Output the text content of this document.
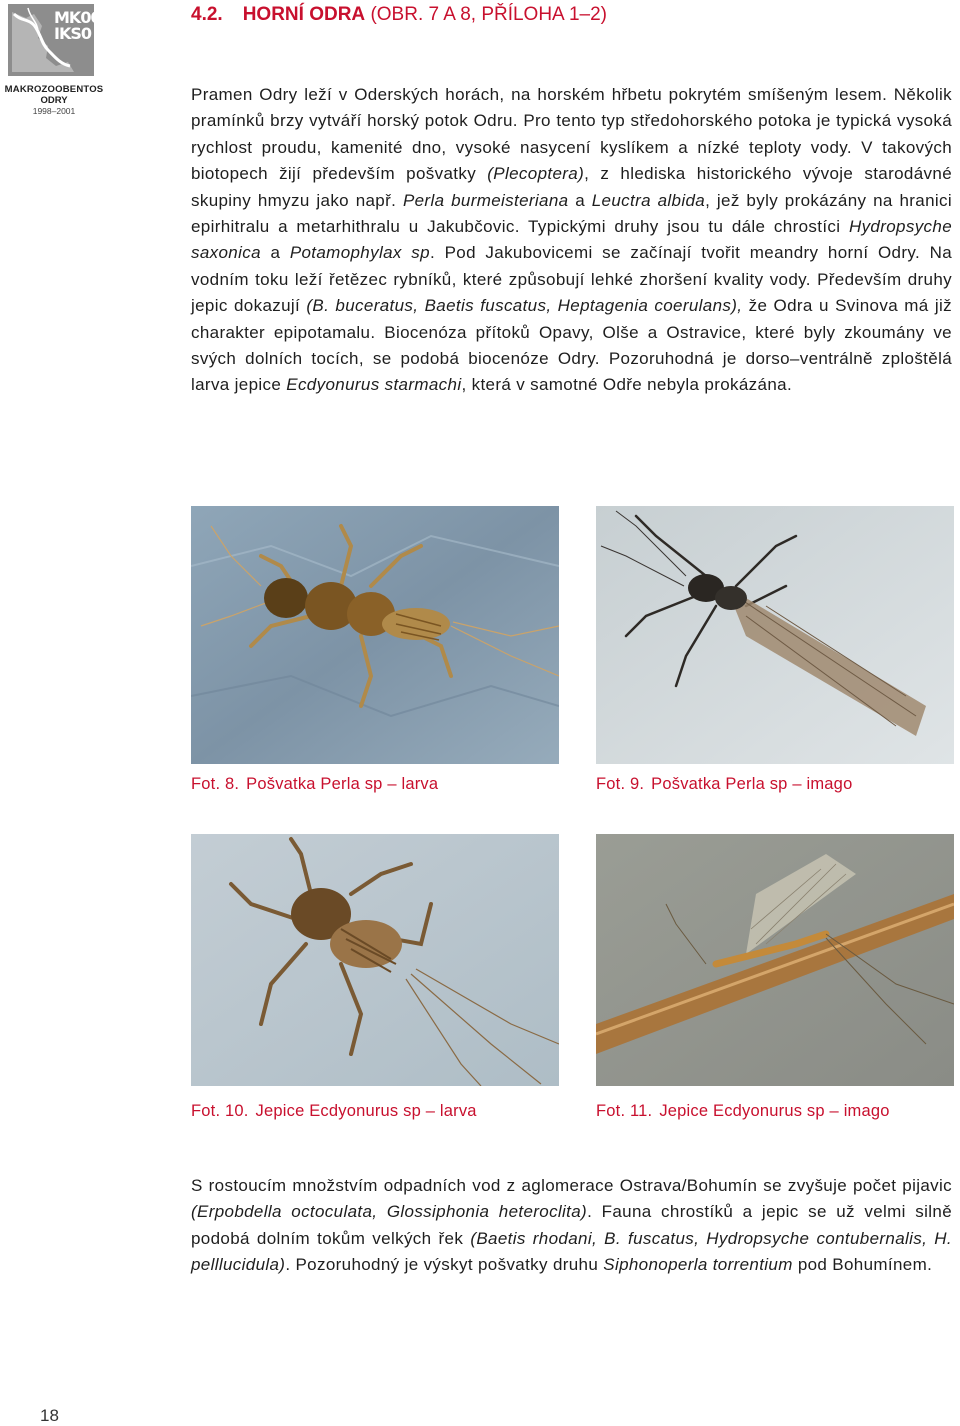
MK00
IKS0
MAKROZOOBENTOS
ODRY
1998–2001
4.2. HORNÍ ODRA (OBR. 7 A 8, PŘÍLOHA 1–2)

Pramen Odry leží v Oderských horách, na horském hřbetu pokrytém smíšeným lesem. Několik pramínků brzy vytváří horský potok Odru. Pro tento typ středohorského potoka je typická vysoká rychlost proudu, kamenité dno, vysoké nasycení kyslíkem a nízké teploty vody. V takových biotopech žijí především pošvatky (Plecoptera), z hlediska historického vývoje starodávné skupiny hmyzu jako např. Perla burmeisteriana a Leuctra albida, jež byly prokázány na hranici epirhitralu a metarhithralu u Jakubčovic. Typickými druhy jsou tu dále chrostíci Hydropsyche saxonica a Potamophylax sp. Pod Jakubovicemi se začínají tvořit meandry horní Odry. Na vodním toku leží řetězec rybníků, které způsobují lehké zhoršení kvality vody. Především druhy jepic dokazují (B. buceratus, Baetis fuscatus, Heptagenia coerulans), že Odra u Svinova má již charakter epipotamalu. Biocenóza přítoků Opavy, Olše a Ostravice, které byly zkoumány ve svých dolních tocích, se podobá biocenóze Odry. Pozoruhodná je dorso–ventrálně zploštělá larva jepice Ecdyonurus starmachi, která v samotné Odře nebyla prokázána.

Fot. 8. Pošvatka Perla sp – larva	Fot. 9. Pošvatka Perla sp – imago
Fot. 10. Jepice Ecdyonurus sp – larva	Fot. 11. Jepice Ecdyonurus sp – imago

S rostoucím množstvím odpadních vod z aglomerace Ostrava/Bohumín se zvyšuje počet pijavic (Erpobdella octoculata, Glossiphonia heteroclita). Fauna chrostíků a jepic se už velmi silně podobá dolním tokům velkých řek (Baetis rhodani, B. fuscatus, Hydropsyche contubernalis, H. pelllucidula). Pozoruhodný je výskyt pošvatky druhu Siphonoperla torrentium pod Bohumínem.

18
